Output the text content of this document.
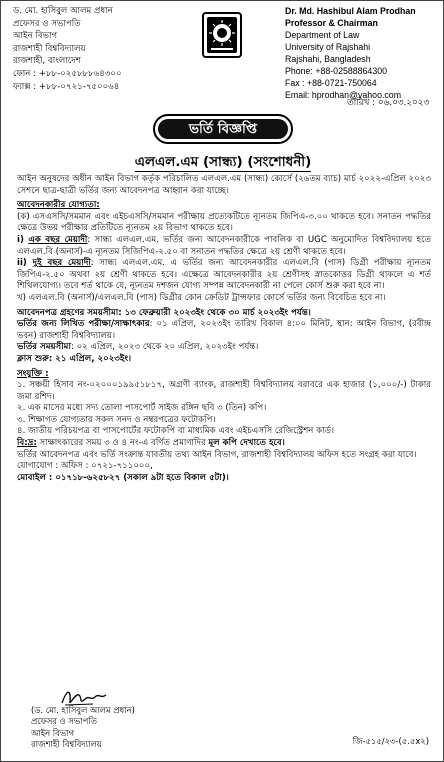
ড. মো. হাসিবুল আলম প্রধান
প্রফেসর ও সভাপতি
আইন বিভাগ
রাজশাহী বিশ্ববিদ্যালয়
রাজশাহী, বাংলাদেশ
ফোন : +৮৮-০২৫৮৮৮৬৪৩০০
ফ্যাক্স : +৮৮-০৭২১-৭৫০০৬৪
Dr. Md. Hashibul Alam Prodhan
Professor & Chairman
Department of Law
University of Rajshahi
Rajshahi, Bangladesh
Phone: +88-02588864300
Fax : +88-0721-750064
Email: hprodhan@yahoo.com
তারিখ : ০৬.০৩.২০২৩
ভর্তি বিজ্ঞপ্তি
এলএল.এম (সান্ধ্য) (সংশোধনী)

আইন অনুষদের অধীন আইন বিভাগ কর্তৃক পরিচালিত এলএল.এম (সান্ধ্য) কোর্সে (২৬তম ব্যাচ) মার্চ ২০২২-এপ্রিল ২০২৩ সেশনে ছাত্র-ছাত্রী ভর্তির জন্য আবেদনপত্র আহ্বান করা যাচ্ছে।

আবেদনকারীর যোগ্যতা:

(ক) এসএসসি/সমমান এবং এইচএসসি/সমমান পরীক্ষায় প্রত্যেকটিতে ন্যূনতম জিপিএ-৩.০০ থাকতে হবে। সনাতন পদ্ধতির ক্ষেত্রে উভয় পরীক্ষার প্রতিটিতে ন্যূনতম ২য় বিভাগ থাকতে হবে।

i) এক বছর মেয়াদী: সান্ধ্য এলএল.এম. ভর্তির জন্য আবেদনকারীকে পাবলিক বা UGC অনুমোদিত বিশ্ববিদ্যালয় হতে এলএল.বি (অনার্স)-এ ন্যূনতম সিজিপিএ-২.৫০ বা সনাতন পদ্ধতির ক্ষেত্রে ২য় শ্রেণী থাকতে হবে।

ii) দুই বছর মেয়াদী: সান্ধ্য এলএল.এম. এ ভর্তির জন্য আবেদনকারীর এলএল.বি (পাস) ডিগ্রী পরীক্ষায় ন্যূনতম জিপিএ-২.৫০ অথবা ২য় শ্রেণী থাকতে হবে। এক্ষেত্রে আবেদনকারীর ২য় শ্রেণীসহ স্নাতকোত্তর ডিগ্রী থাকলে এ শর্ত শিথিলযোগ্য। তবে শর্ত থাকে যে, ন্যূনতম দশজন যোগ্য সম্পন্ন আবেদনকারী না পেলে কোর্স শুরু করা হবে না।

খ) এলএল.বি (অনার্স)/এলএল.বি (পাস) ডিগ্রীর কোন ক্রেডিট ট্রান্সফার কোর্সে ভর্তির জন্য বিবেচিত হবে না।

আবেদনপত্র গ্রহণের সময়সীমা: ১৩ ফেব্রুয়ারী ২০২৩ইং থেকে ৩০ মার্চ ২০২৩ইং পর্যন্ত।

ভর্তির জন্য লিখিত পরীক্ষা/সাক্ষাৎকার: ০১ এপ্রিল, ২০২৩ইং তারিখ বিকাল ৪:০০ মিনিট, স্থান: আইন বিভাগ, (রবীন্দ্র ভবন) রাজশাহী বিশ্ববিদ্যালয়।

ভর্তির সময়সীমা: ০২ এপ্রিল, ২০২৩ থেকে ২০ এপ্রিল, ২০২৩ইং পর্যন্ত।

ক্লাস শুরু: ২১ এপ্রিল, ২০২৩ইং।

সংযুক্তি :

১. সঞ্চয়ী হিসাব নং-০২০০০১৯৯৫১৮১৭, অগ্রণী ব্যাংক, রাজশাহী বিশ্ববিদ্যালয় বরাবরে এক হাজার (১,০০০/-) টাকার জমা রশিদ।

২. এক মাসের মধ্যে সদ্য তোলা পাসপোর্ট সাইজ রঙ্গিন ছবি ৩ (তিন) কপি।

৩. শিক্ষাগত যোগ্যতার সকল সনদ ও নম্বরপত্রের ফটোকপি।

৪. জাতীয় পরিচয়পত্র বা পাসপোর্টের ফটোকপি বা মাধ্যমিক এবং এইচএসসি রেজিস্ট্রেশন কার্ড।

বি:দ্র: সাক্ষাৎকারের সময় ৩ ও ৪ নং-এ বর্ণিত প্রমাণাদির মূল কপি দেখাতে হবে।

ভর্তির আবেদনপত্র এবং ভর্তি সংক্রান্ত যাবতীয় তথ্য আইন বিভাগ, রাজশাহী বিশ্ববিদ্যালয় অফিস হতে সংগ্রহ করা যাবে।

যোগাযোগ : অফিস : ০৭২১-৭১১০০০,

মোবাইল : ০১৭১৮-৬২৫৮২৭ (সকাল ৯টা হতে বিকাল ৫টা)।

(ড. মো. হাসিবুল আলম প্রধান)
প্রফেসর ও সভাপতি
আইন বিভাগ
রাজশাহী বিশ্ববিদ্যালয়	জি-৫১৫/২৩-(৫.৫x২)
